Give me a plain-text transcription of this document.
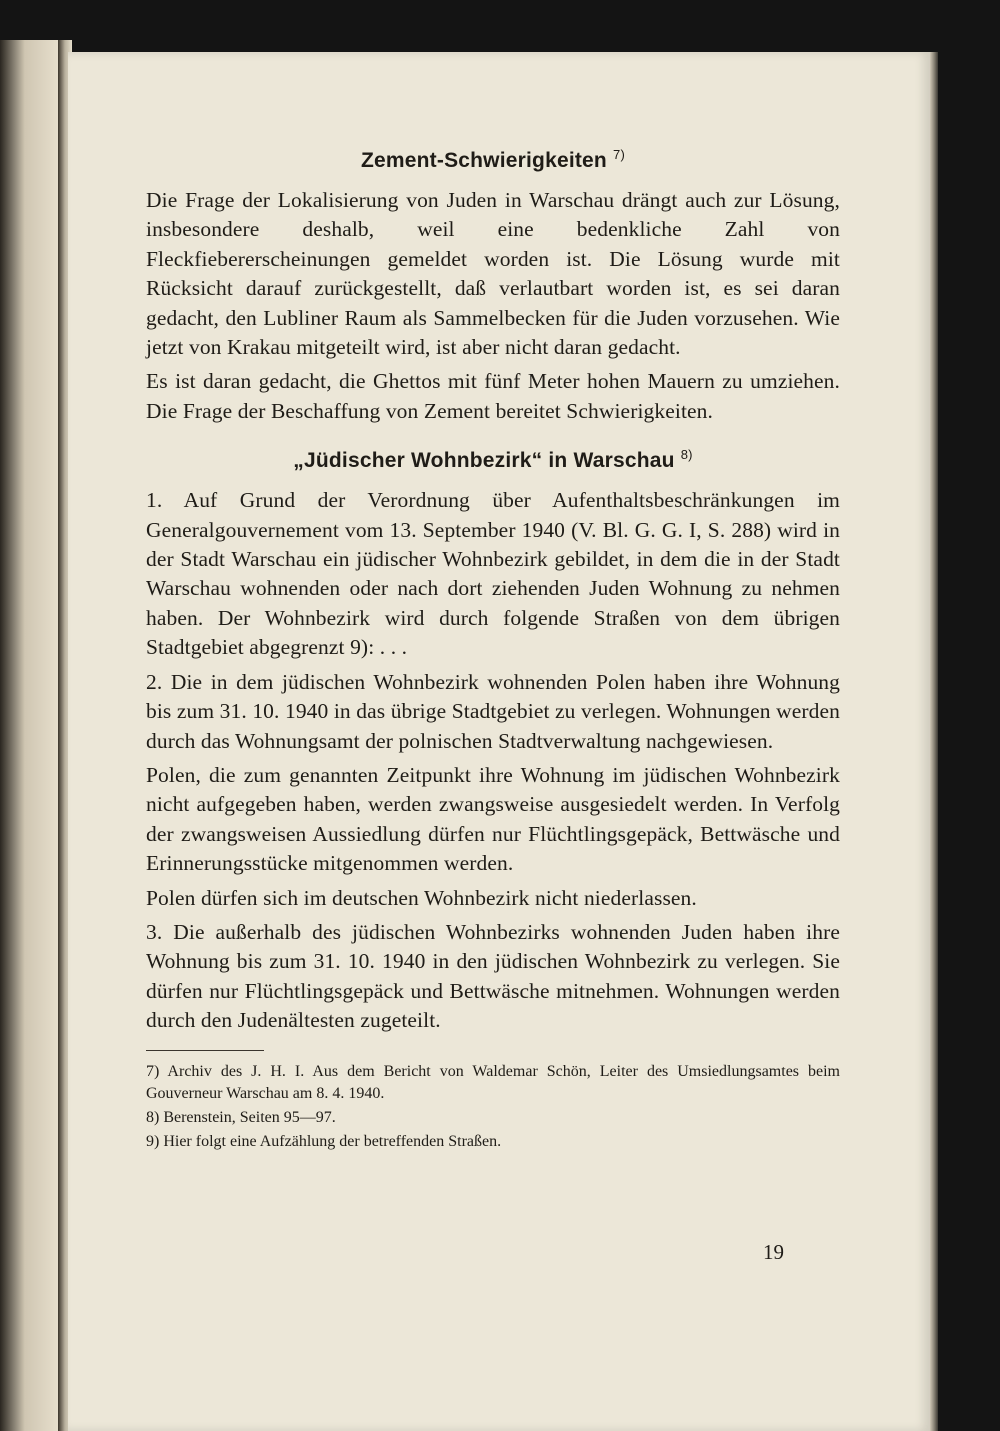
Zement-Schwierigkeiten $^{7)}$

Die Frage der Lokalisierung von Juden in Warschau drängt auch zur Lösung, insbesondere deshalb, weil eine bedenkliche Zahl von Fleckfiebererscheinungen gemeldet worden ist. Die Lösung wurde mit Rücksicht darauf zurückgestellt, daß verlautbart worden ist, es sei daran gedacht, den Lubliner Raum als Sammelbecken für die Juden vorzusehen. Wie jetzt von Krakau mitgeteilt wird, ist aber nicht daran gedacht.

Es ist daran gedacht, die Ghettos mit fünf Meter hohen Mauern zu umziehen. Die Frage der Beschaffung von Zement bereitet Schwierigkeiten.

„Jüdischer Wohnbezirk“ in Warschau $^{8)}$

1. Auf Grund der Verordnung über Aufenthaltsbeschränkungen im Generalgouvernement vom 13. September 1940 (V. Bl. G. G. I, S. 288) wird in der Stadt Warschau ein jüdischer Wohnbezirk gebildet, in dem die in der Stadt Warschau wohnenden oder nach dort ziehenden Juden Wohnung zu nehmen haben. Der Wohnbezirk wird durch folgende Straßen von dem übrigen Stadtgebiet abgegrenzt 9): . . .

2. Die in dem jüdischen Wohnbezirk wohnenden Polen haben ihre Wohnung bis zum 31. 10. 1940 in das übrige Stadtgebiet zu verlegen. Wohnungen werden durch das Wohnungsamt der polnischen Stadtverwaltung nachgewiesen.

Polen, die zum genannten Zeitpunkt ihre Wohnung im jüdischen Wohnbezirk nicht aufgegeben haben, werden zwangsweise ausgesiedelt werden. In Verfolg der zwangsweisen Aussiedlung dürfen nur Flüchtlingsgepäck, Bettwäsche und Erinnerungsstücke mitgenommen werden.

Polen dürfen sich im deutschen Wohnbezirk nicht niederlassen.

3. Die außerhalb des jüdischen Wohnbezirks wohnenden Juden haben ihre Wohnung bis zum 31. 10. 1940 in den jüdischen Wohnbezirk zu verlegen. Sie dürfen nur Flüchtlingsgepäck und Bettwäsche mitnehmen. Wohnungen werden durch den Judenältesten zugeteilt.

7) Archiv des J. H. I. Aus dem Bericht von Waldemar Schön, Leiter des Umsiedlungsamtes beim Gouverneur Warschau am 8. 4. 1940.

8) Berenstein, Seiten 95—97.

9) Hier folgt eine Aufzählung der betreffenden Straßen.

19
